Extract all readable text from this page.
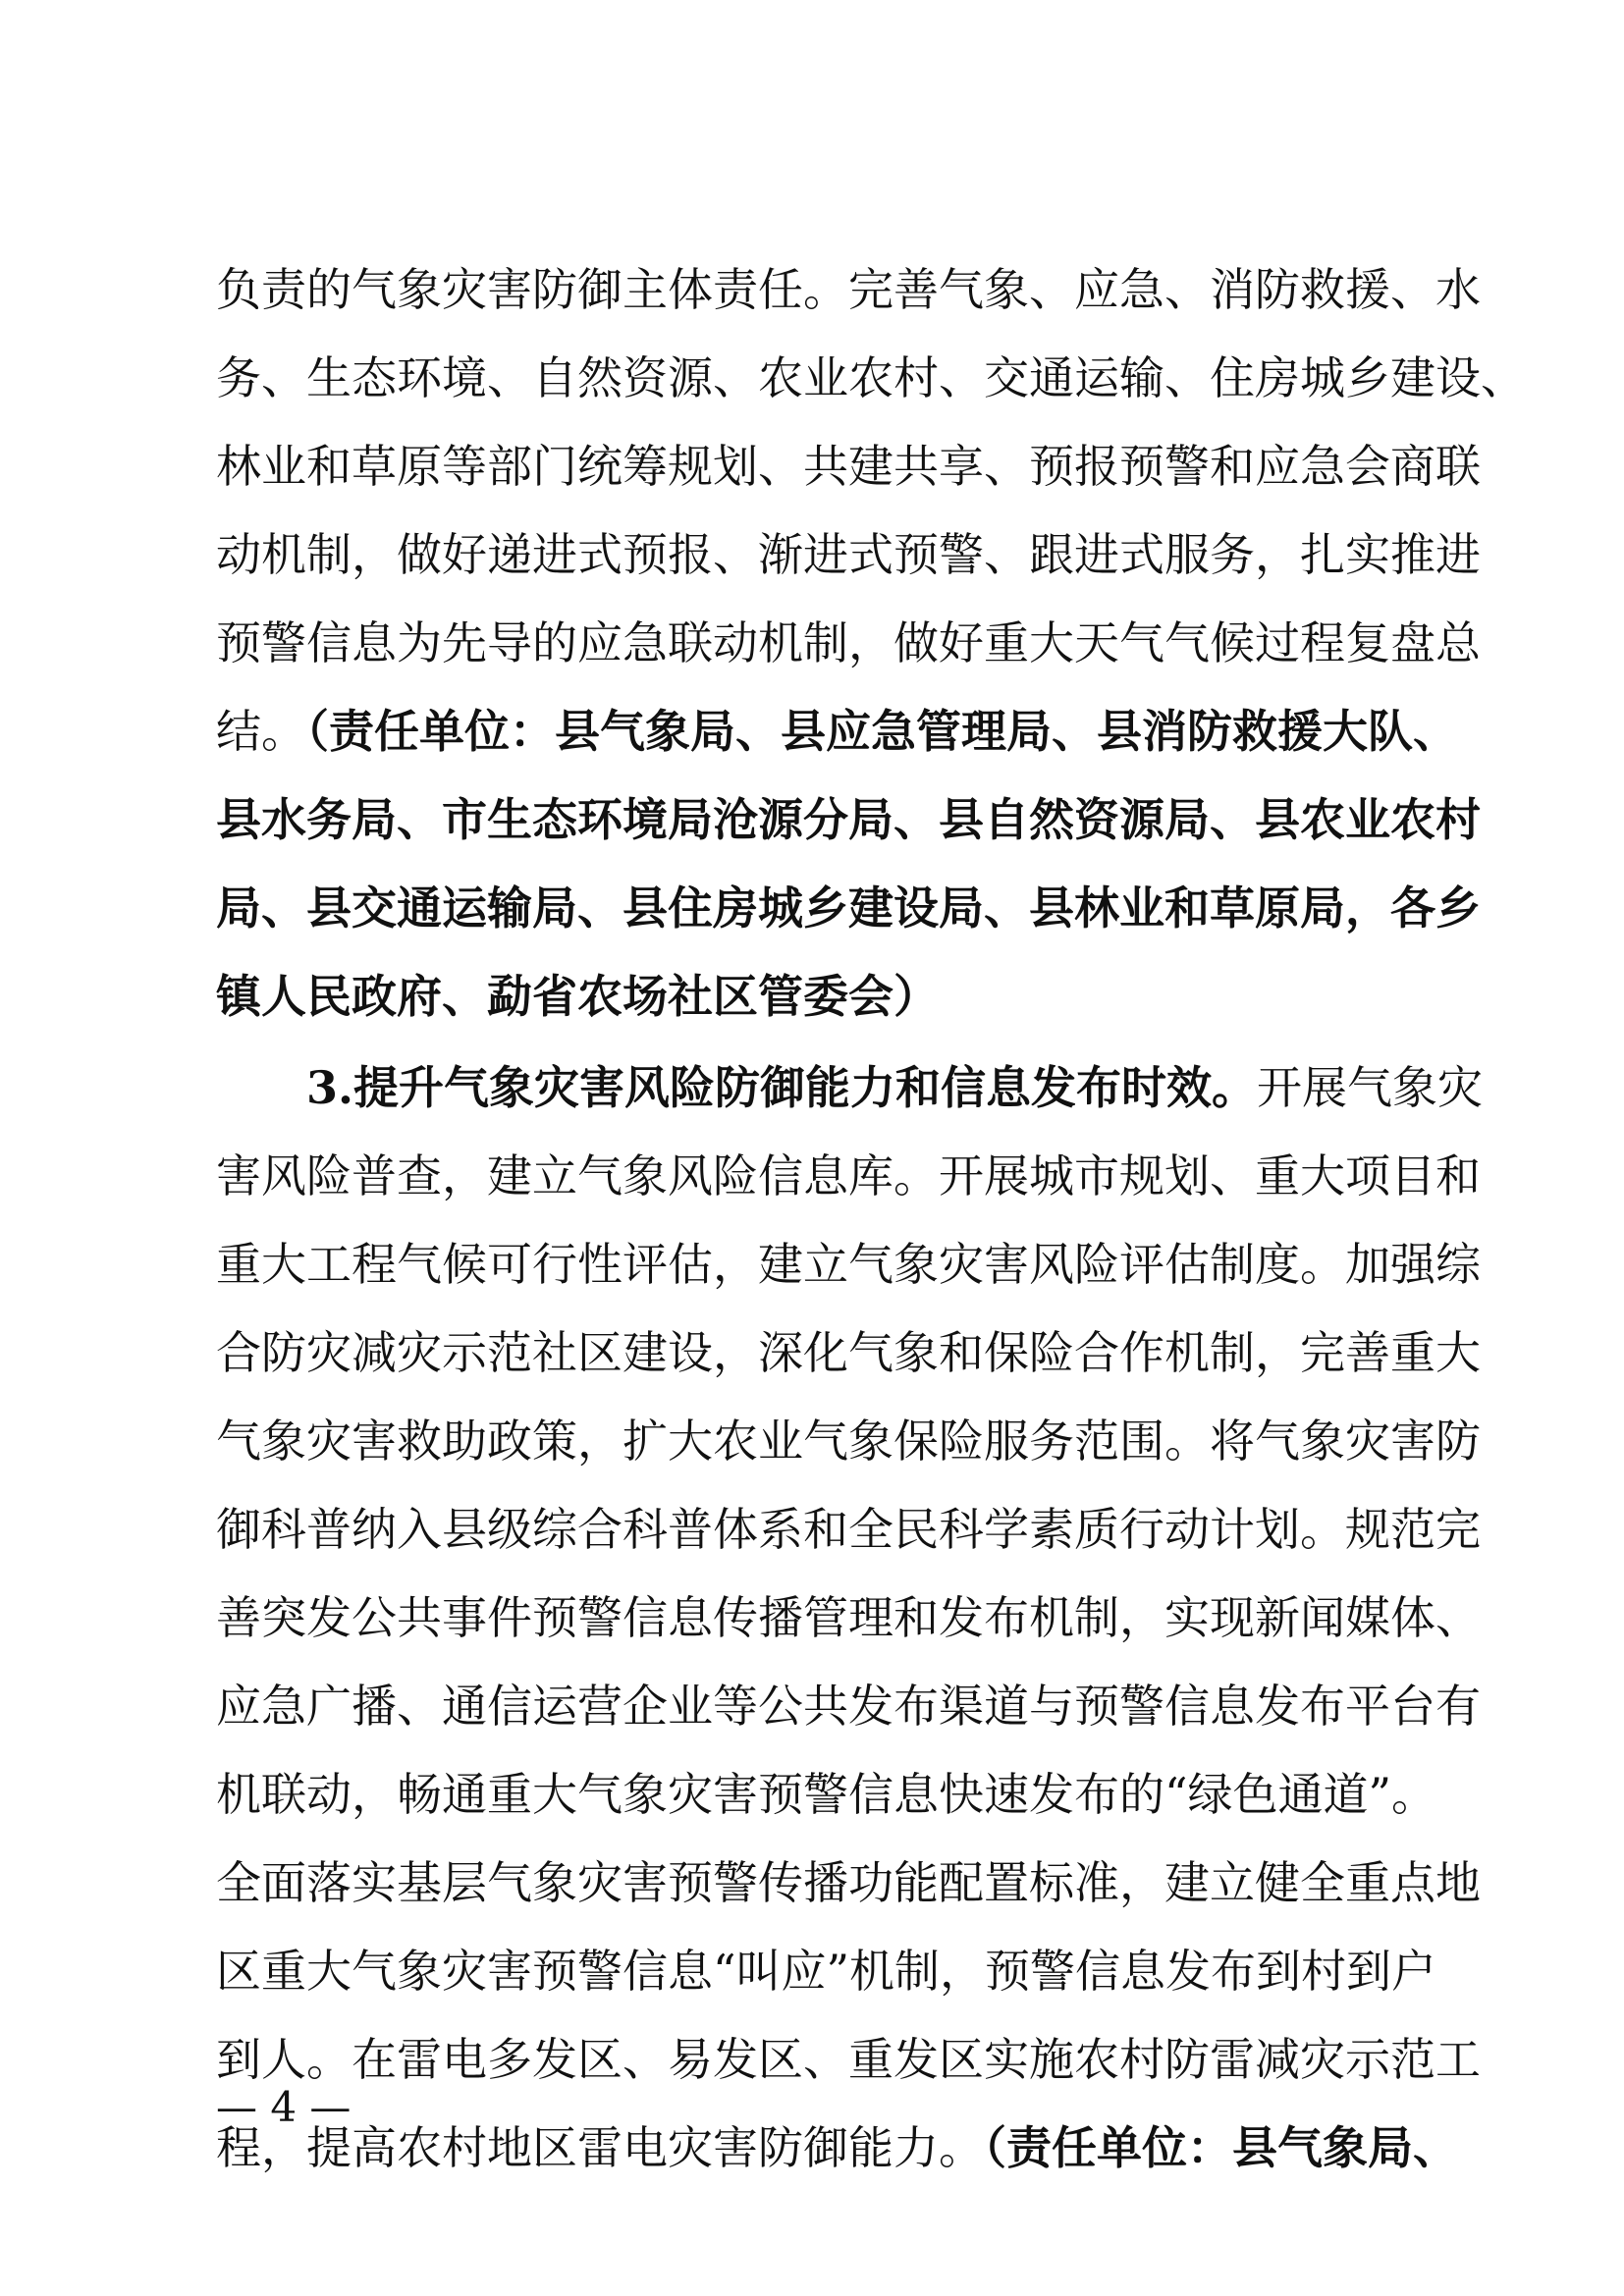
负责的气象灾害防御主体责任。完善气象、应急、消防救援、水
务、生态环境、自然资源、农业农村、交通运输、住房城乡建设、
林业和草原等部门统筹规划、共建共享、预报预警和应急会商联
动机制，做好递进式预报、渐进式预警、跟进式服务，扎实推进
预警信息为先导的应急联动机制，做好重大天气气候过程复盘总
结。（责任单位：县气象局、县应急管理局、县消防救援大队、
县水务局、市生态环境局沧源分局、县自然资源局、县农业农村
局、县交通运输局、县住房城乡建设局、县林业和草原局，各乡
镇人民政府、勐省农场社区管委会）
3.提升气象灾害风险防御能力和信息发布时效。开展气象灾
害风险普查，建立气象风险信息库。开展城市规划、重大项目和
重大工程气候可行性评估，建立气象灾害风险评估制度。加强综
合防灾减灾示范社区建设，深化气象和保险合作机制，完善重大
气象灾害救助政策，扩大农业气象保险服务范围。将气象灾害防
御科普纳入县级综合科普体系和全民科学素质行动计划。规范完
善突发公共事件预警信息传播管理和发布机制，实现新闻媒体、
应急广播、通信运营企业等公共发布渠道与预警信息发布平台有
机联动，畅通重大气象灾害预警信息快速发布的“绿色通道”。
全面落实基层气象灾害预警传播功能配置标准，建立健全重点地
区重大气象灾害预警信息“叫应”机制，预警信息发布到村到户
到人。在雷电多发区、易发区、重发区实施农村防雷减灾示范工
程，提高农村地区雷电灾害防御能力。（责任单位：县气象局、
— 4 —
